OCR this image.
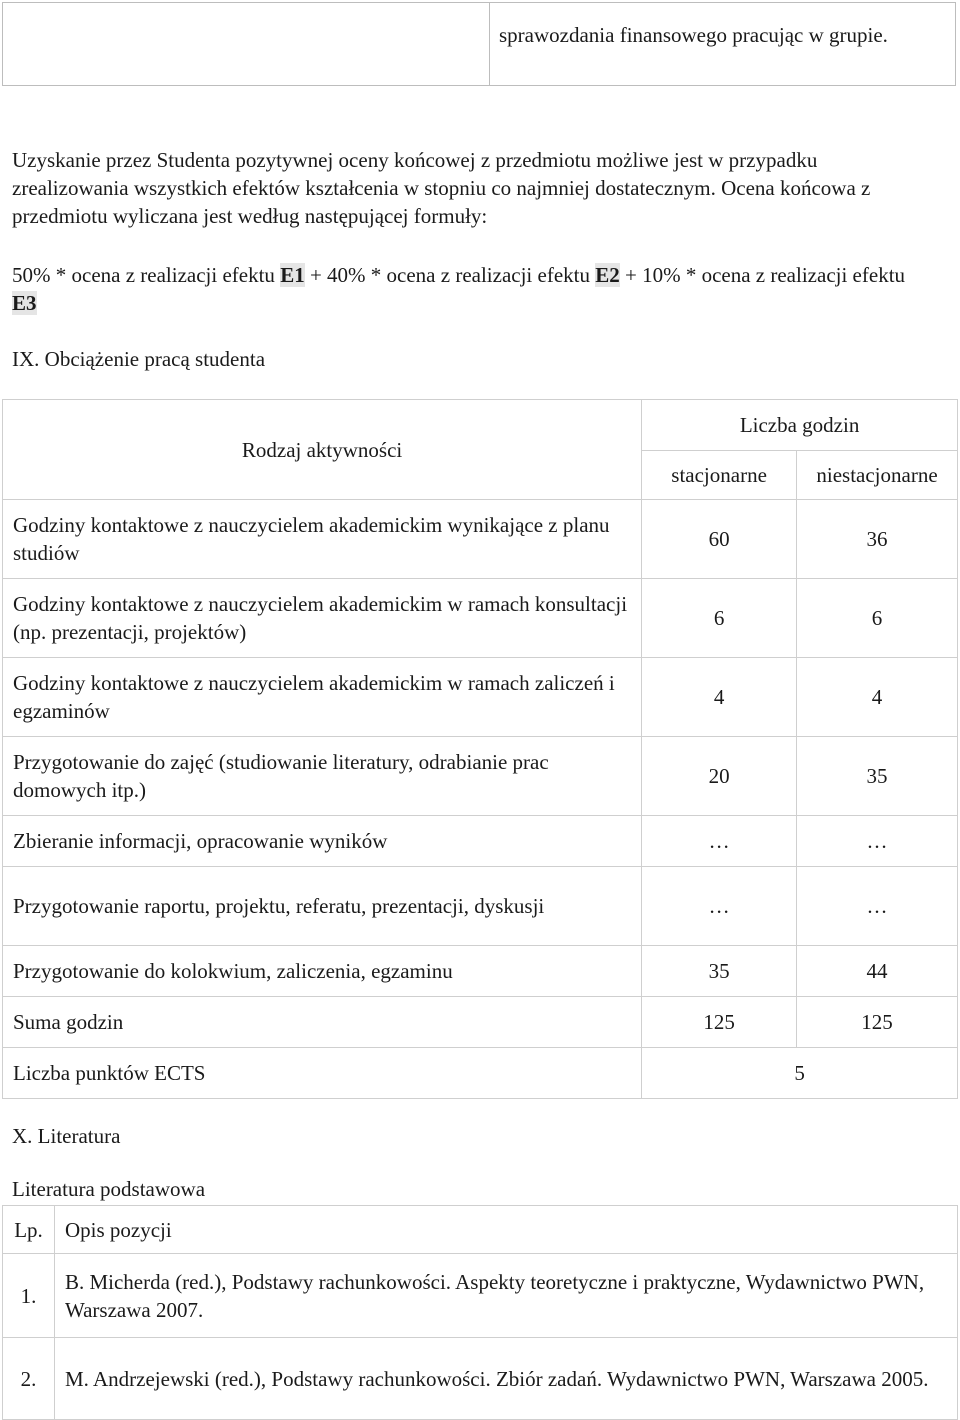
sprawozdania finansowego pracując w grupie.
Uzyskanie przez Studenta pozytywnej oceny końcowej z przedmiotu możliwe jest w przypadku zrealizowania wszystkich efektów kształcenia w stopniu co najmniej dostatecznym. Ocena końcowa z przedmiotu wyliczana jest według następującej formuły:
50% * ocena z realizacji efektu E1 + 40% * ocena z realizacji efektu E2 + 10% * ocena z realizacji efektu E3
IX. Obciążenie pracą studenta
Rodzaj aktywności	Liczba godzin	
	stacjonarne	niestacjonarne
Godziny kontaktowe z nauczycielem akademickim wynikające z planu studiów	60	36
Godziny kontaktowe z nauczycielem akademickim w ramach konsultacji (np. prezentacji, projektów)	6	6
Godziny kontaktowe z nauczycielem akademickim w ramach zaliczeń i egzaminów	4	4
Przygotowanie do zajęć (studiowanie literatury, odrabianie prac domowych itp.)	20	35
Zbieranie informacji, opracowanie wyników	…	…
Przygotowanie raportu, projektu, referatu, prezentacji, dyskusji	…	…
Przygotowanie do kolokwium, zaliczenia, egzaminu	35	44
Suma godzin	125	125
Liczba punktów ECTS	5	
X. Literatura
Literatura podstawowa
Lp.	Opis pozycji
1.	B. Micherda (red.), Podstawy rachunkowości. Aspekty teoretyczne i praktyczne, Wydawnictwo PWN, Warszawa 2007.
2.	M. Andrzejewski (red.), Podstawy rachunkowości. Zbiór zadań. Wydawnictwo PWN, Warszawa 2005.
